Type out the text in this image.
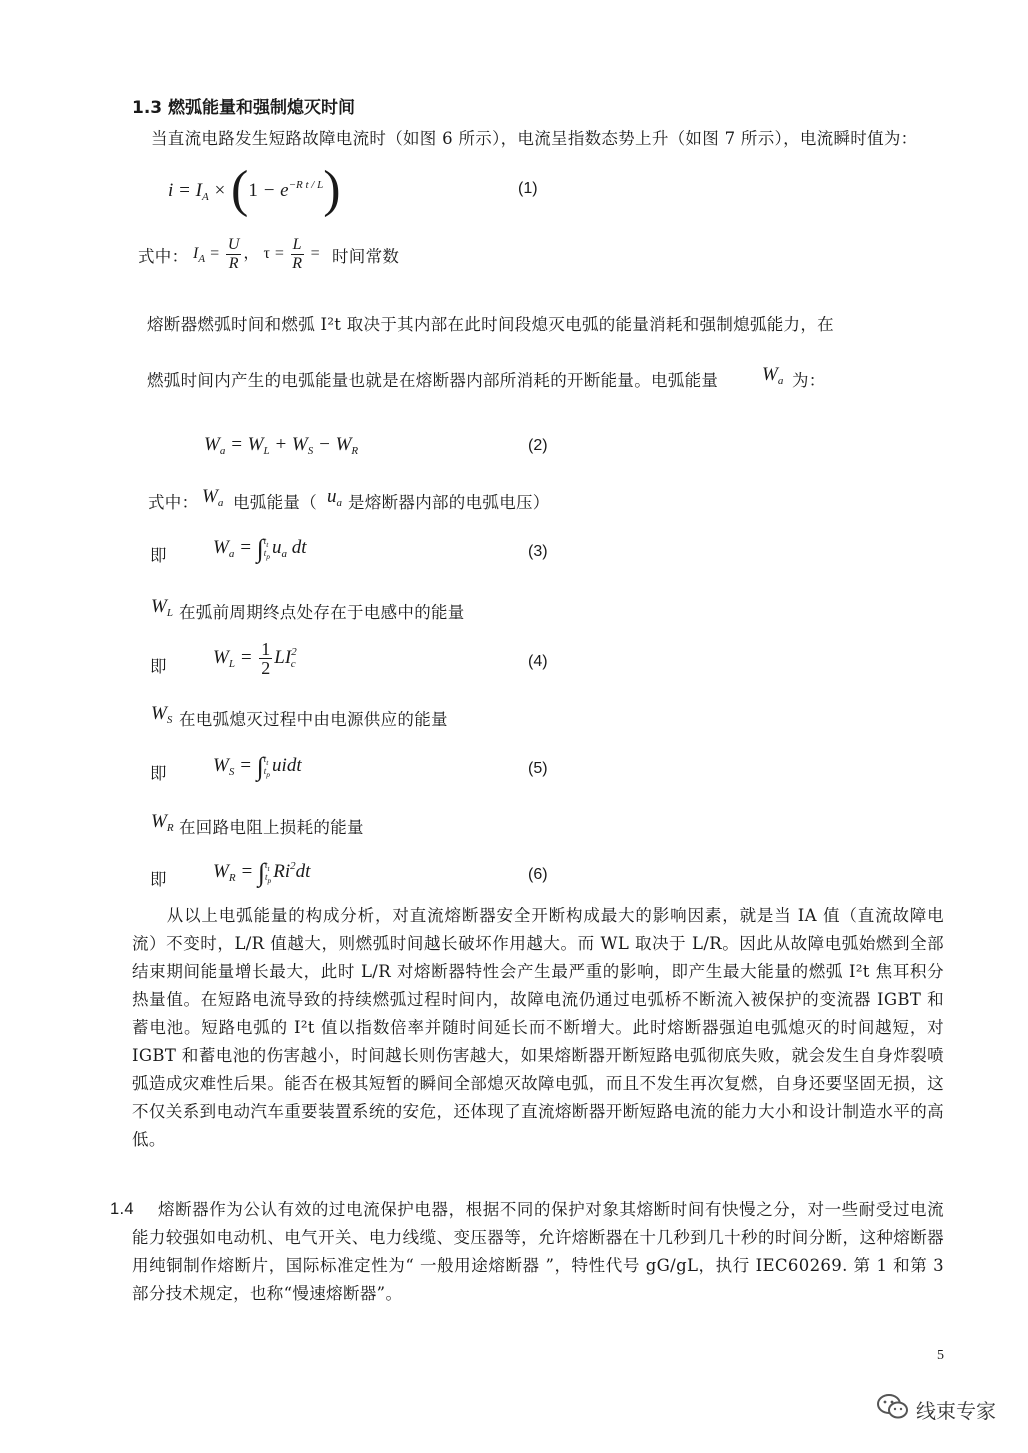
1.3 燃弧能量和强制熄灭时间
当直流电路发生短路故障电流时（如图 6 所示），电流呈指数态势上升（如图 7 所示），电流瞬时值为：
$i = I_A \times (1 - e^{-R t / L})$	(1)
式中： $I_A = \frac{U}{R}$ ， $\tau = \frac{L}{R}$ = 时间常数
熔断器燃弧时间和燃弧 I²t 取决于其内部在此时间段熄灭电弧的能量消耗和强制熄弧能力，在
燃弧时间内产生的电弧能量也就是在熔断器内部所消耗的开断能量。电弧能量 $W_a$ 为：
$W_a = W_L + W_S - W_R$	(2)
式中： $W_a$ 电弧能量（ $u_a$ 是熔断器内部的电弧电压）
即 $W_a = \int t_t$
$t_p$ $u_a$ dt	(3)
$W_L$ 在弧前周期终点处存在于电感中的能量
即 $W_L = \frac{1}{2} LI^2_c$	(4)
$W_S$ 在电弧熄灭过程中由电源供应的能量
即 $W_S = \int t_t$
$t_p$ uidt	(5)
$W_R$ 在回路电阻上损耗的能量
即 $W_R = \int t_t$
$t_p$ Ri$^2$dt	(6)
　　从以上电弧能量的构成分析，对直流熔断器安全开断构成最大的影响因素，就是当 IA 值（直流故障电流）不变时，L/R 值越大，则燃弧时间越长破坏作用越大。而 WL 取决于 L/R。因此从故障电弧始燃到全部结束期间能量增长最大，此时 L/R 对熔断器特性会产生最严重的影响，即产生最大能量的燃弧 I²t 焦耳积分热量值。在短路电流导致的持续燃弧过程时间内，故障电流仍通过电弧桥不断流入被保护的变流器 IGBT 和蓄电池。短路电弧的 I²t 值以指数倍率并随时间延长而不断增大。此时熔断器强迫电弧熄灭的时间越短，对 IGBT 和蓄电池的伤害越小，时间越长则伤害越大，如果熔断器开断短路电弧彻底失败，就会发生自身炸裂喷弧造成灾难性后果。能否在极其短暂的瞬间全部熄灭故障电弧，而且不发生再次复燃，自身还要坚固无损，这不仅关系到电动汽车重要装置系统的安危，还体现了直流熔断器开断短路电流的能力大小和设计制造水平的高低。
1.4	熔断器作为公认有效的过电流保护电器，根据不同的保护对象其熔断时间有快慢之分，对一些耐受过电流能力较强如电动机、电气开关、电力线缆、变压器等，允许熔断器在十几秒到几十秒的时间分断，这种熔断器用纯铜制作熔断片，国际标准定性为“ 一般用途熔断器 ”，特性代号 gG/gL，执行 IEC60269. 第 1 和第 3 部分技术规定，也称“慢速熔断器”。
5
线束专家
